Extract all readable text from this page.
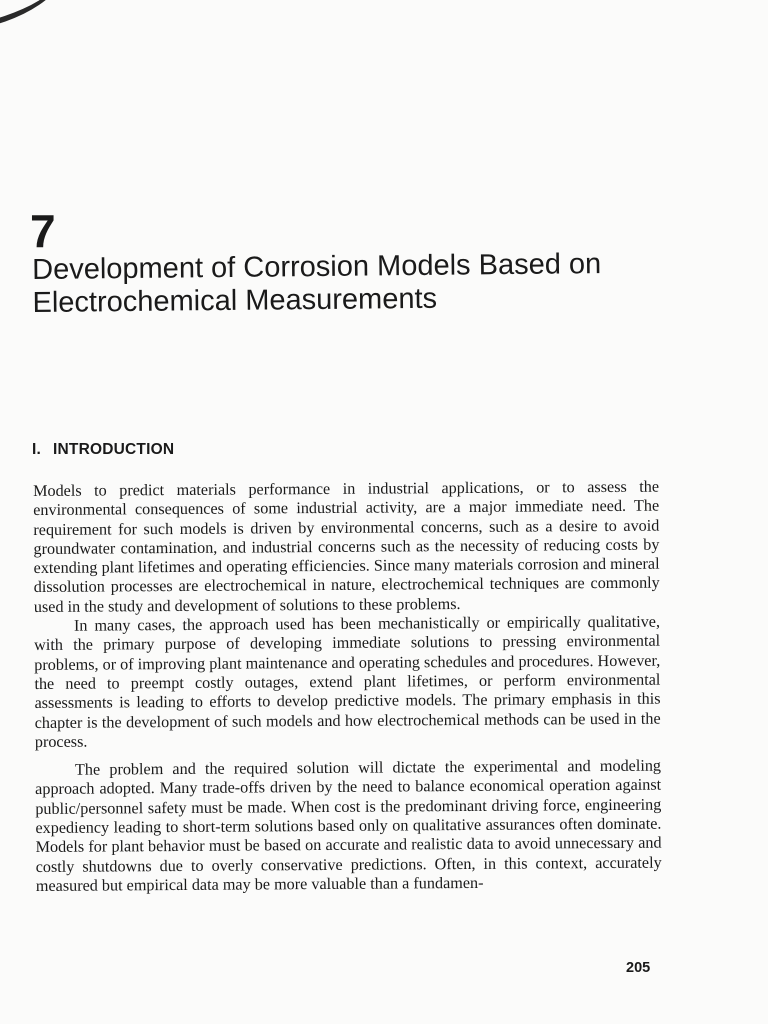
7
Development of Corrosion Models Based on Electrochemical Measurements
I. INTRODUCTION

Models to predict materials performance in industrial applications, or to assess the environmental consequences of some industrial activity, are a major immediate need. The requirement for such models is driven by environmental concerns, such as a desire to avoid groundwater contamination, and industrial concerns such as the necessity of reducing costs by extending plant lifetimes and operating efficiencies. Since many materials corrosion and mineral dissolution processes are electrochemical in nature, electrochemical techniques are commonly used in the study and development of solutions to these problems.

In many cases, the approach used has been mechanistically or empirically qualitative, with the primary purpose of developing immediate solutions to pressing environmental problems, or of improving plant maintenance and operating schedules and procedures. However, the need to preempt costly outages, extend plant lifetimes, or perform environmental assessments is leading to efforts to develop predictive models. The primary emphasis in this chapter is the development of such models and how electrochemical methods can be used in the process.

The problem and the required solution will dictate the experimental and modeling approach adopted. Many trade-offs driven by the need to balance economical operation against public/personnel safety must be made. When cost is the predominant driving force, engineering expediency leading to short-term solutions based only on qualitative assurances often dominate. Models for plant behavior must be based on accurate and realistic data to avoid unnecessary and costly shutdowns due to overly conservative predictions. Often, in this context, accurately measured but empirical data may be more valuable than a fundamen-

205
